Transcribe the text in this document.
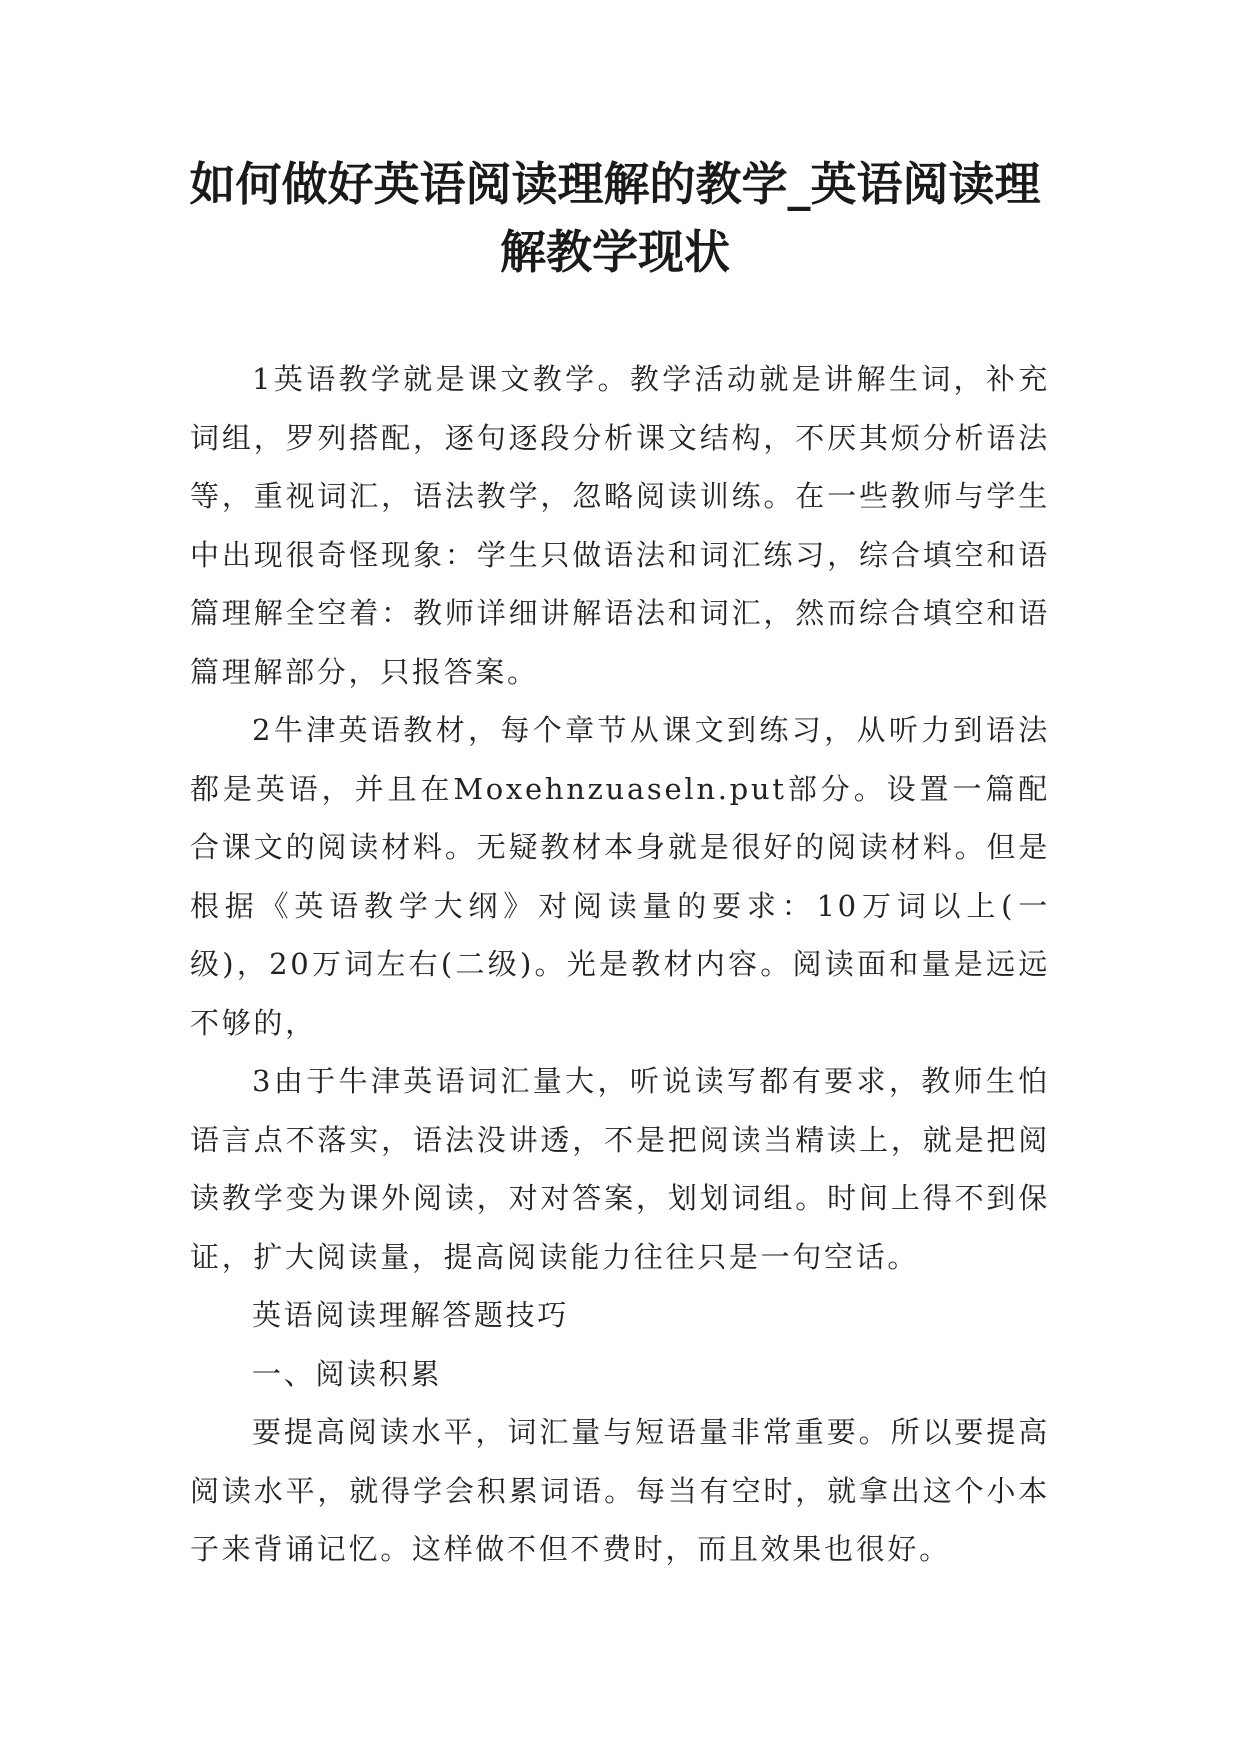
如何做好英语阅读理解的教学_英语阅读理解教学现状

1英语教学就是课文教学。教学活动就是讲解生词，补充词组，罗列搭配，逐句逐段分析课文结构，不厌其烦分析语法等，重视词汇，语法教学，忽略阅读训练。在一些教师与学生中出现很奇怪现象：学生只做语法和词汇练习，综合填空和语篇理解全空着：教师详细讲解语法和词汇，然而综合填空和语篇理解部分，只报答案。

2牛津英语教材，每个章节从课文到练习，从听力到语法都是英语，并且在Moxehnzuaseln.put部分。设置一篇配合课文的阅读材料。无疑教材本身就是很好的阅读材料。但是根据《英语教学大纲》对阅读量的要求：10万词以上(一级)，20万词左右(二级)。光是教材内容。阅读面和量是远远不够的，

3由于牛津英语词汇量大，听说读写都有要求，教师生怕语言点不落实，语法没讲透，不是把阅读当精读上，就是把阅读教学变为课外阅读，对对答案，划划词组。时间上得不到保证，扩大阅读量，提高阅读能力往往只是一句空话。

英语阅读理解答题技巧

一、阅读积累

要提高阅读水平，词汇量与短语量非常重要。所以要提高阅读水平，就得学会积累词语。每当有空时，就拿出这个小本子来背诵记忆。这样做不但不费时，而且效果也很好。
